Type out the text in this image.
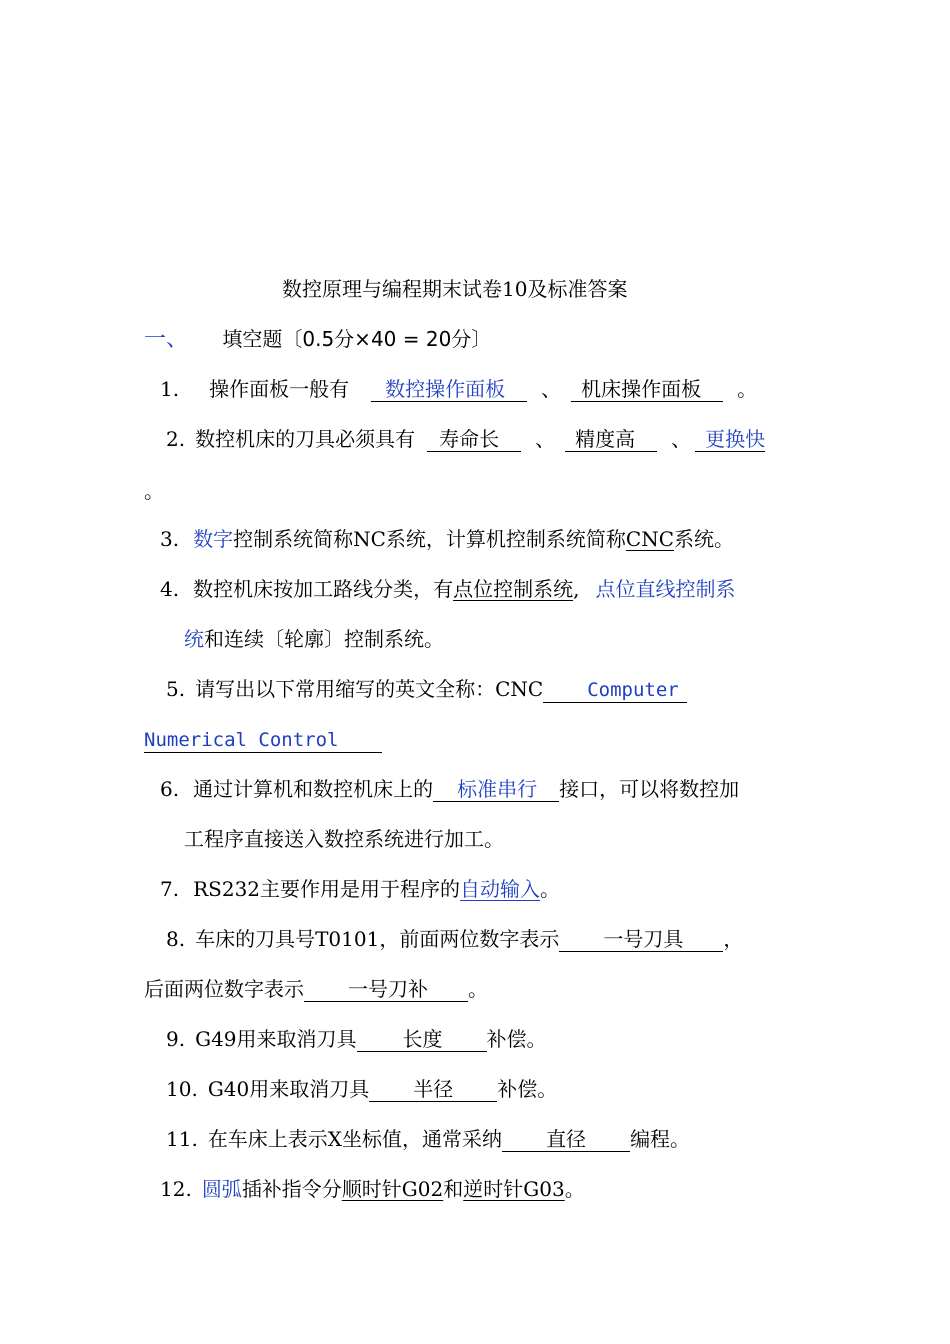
数控原理与编程期末试卷10及标准答案
一、 填空题〔0.5分×40 = 20分〕
1. 操作面板一般有 数控操作面板 、 机床操作面板 。
2. 数控机床的刀具必须具有 寿命长 、 精度高 、 更换快
。
3. 数字控制系统简称NC系统，计算机控制系统简称CNC系统。
4. 数控机床按加工路线分类，有点位控制系统, 点位直线控制系
统和连续〔轮廓〕控制系统。
5. 请写出以下常用缩写的英文全称：CNC Computer
Numerical Control
6. 通过计算机和数控机床上的 标准串行 接口，可以将数控加
工程序直接送入数控系统进行加工。
7. RS232主要作用是用于程序的自动输入。
8. 车床的刀具号T0101，前面两位数字表示 一号刀具 ，
后面两位数字表示 一号刀补 。
9. G49用来取消刀具 长度 补偿。
10. G40用来取消刀具 半径 补偿。
11. 在车床上表示X坐标值，通常采纳 直径 编程。
12. 圆弧插补指令分顺时针G02和逆时针G03。
